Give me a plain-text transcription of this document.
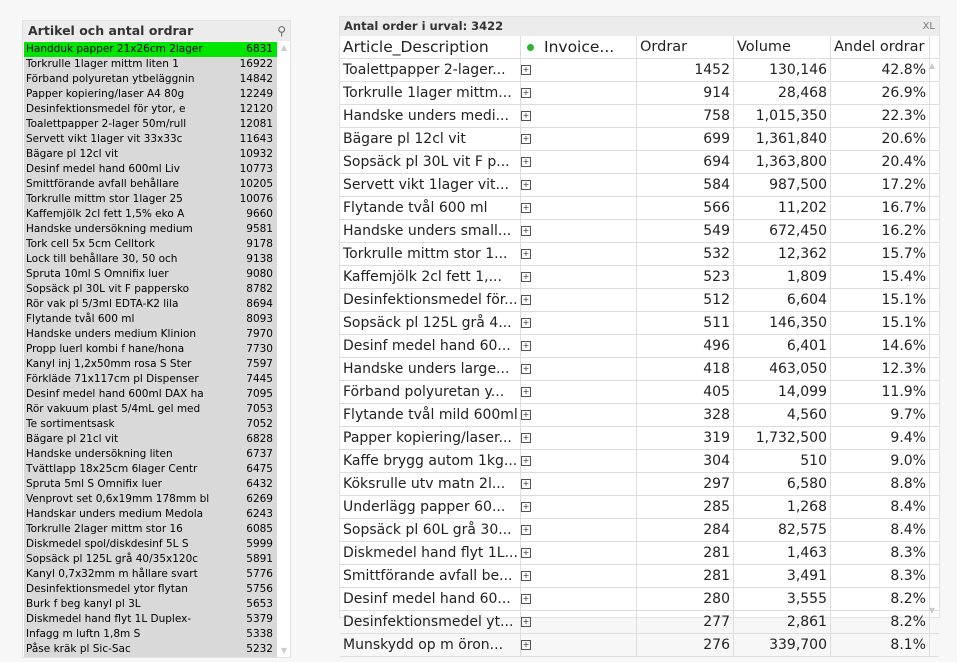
Artikel och antal ordrar	⚲
Handduk papper 21x26cm 2lager	6831
Torkrulle 1lager mittm liten 1	16922
Förband polyuretan ytbeläggnin	14842
Papper kopiering/laser A4 80g	12249
Desinfektionsmedel för ytor, e	12120
Toalettpapper 2-lager 50m/rull	12081
Servett vikt 1lager vit 33x33c	11643
Bägare pl 12cl vit	10932
Desinf medel hand 600ml Liv	10773
Smittförande avfall behållare	10205
Torkrulle mittm stor 1lager 25	10076
Kaffemjölk 2cl fett 1,5% eko A	9660
Handske undersökning medium	9581
Tork cell 5x 5cm Celltork	9178
Lock till behållare 30, 50 och	9138
Spruta 10ml S Omnifix luer	9080
Sopsäck pl 30L vit F pappersko	8782
Rör vak pl 5/3ml EDTA-K2 lila	8694
Flytande tvål 600 ml	8093
Handske unders medium Klinion	7970
Propp luerl kombi f hane/hona	7730
Kanyl inj 1,2x50mm rosa S Ster	7597
Förkläde 71x117cm pl Dispenser	7445
Desinf medel hand 600ml DAX ha	7095
Rör vakuum plast 5/4mL gel med	7053
Te sortimentsask	7052
Bägare pl 21cl vit	6828
Handske undersökning liten	6737
Tvättlapp 18x25cm 6lager Centr	6475
Spruta 5ml S Omnifix luer	6432
Venprovt set 0,6x19mm 178mm bl	6269
Handskar unders medium Medola	6243
Torkrulle 2lager mittm stor 16	6085
Diskmedel spol/diskdesinf 5L S	5999
Sopsäck pl 125L grå 40/35x120c	5891
Kanyl 0,7x32mm m hållare svart	5776
Desinfektionsmedel ytor flytan	5756
Burk f beg kanyl pl 3L	5653
Diskmedel hand flyt 1L Duplex-	5379
Infagg m luftn 1,8m S	5338
Påse kräk pl Sic-Sac	5232
▲
▼
Antal order i urval: 3422	XL
Article_Description	Invoice...	Ordrar	Volume	Andel ordrar
Toalettpapper 2-lager...	+	1452	130,146	42.8%
Torkrulle 1lager mittm...	+	914	28,468	26.9%
Handske unders medi...	+	758	1,015,350	22.3%
Bägare pl 12cl vit	+	699	1,361,840	20.6%
Sopsäck pl 30L vit F p...	+	694	1,363,800	20.4%
Servett vikt 1lager vit...	+	584	987,500	17.2%
Flytande tvål 600 ml	+	566	11,202	16.7%
Handske unders small...	+	549	672,450	16.2%
Torkrulle mittm stor 1...	+	532	12,362	15.7%
Kaffemjölk 2cl fett 1,...	+	523	1,809	15.4%
Desinfektionsmedel för... +	512	6,604	15.1%
Sopsäck pl 125L grå 4...	+	511	146,350	15.1%
Desinf medel hand 60...	+	496	6,401	14.6%
Handske unders large...	+	418	463,050	12.3%
Förband polyuretan y...	+	405	14,099	11.9%
Flytande tvål mild 600ml +	328	4,560	9.7%
Papper kopiering/laser...	+	319	1,732,500	9.4%
Kaffe brygg autom 1kg... +	304	510	9.0%
Köksrulle utv matn 2l...	+	297	6,580	8.8%
Underlägg papper 60...	+	285	1,268	8.4%
Sopsäck pl 60L grå 30...	+	284	82,575	8.4%
Diskmedel hand flyt 1L... +	281	1,463	8.3%
Smittförande avfall be...	+	281	3,491	8.3%
Desinf medel hand 60...	+	280	3,555	8.2%
Desinfektionsmedel yt...	+	277	2,861	8.2%
Munskydd op m öron...	+	276	339,700	8.1%
▲
▼
